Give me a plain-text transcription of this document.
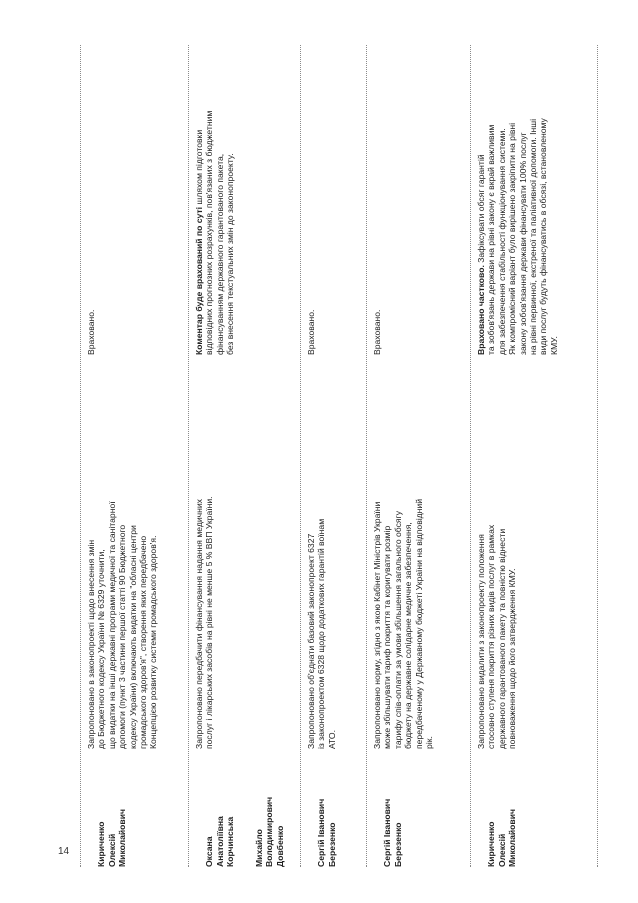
14	Кириченко
Олексій
Миколайович

Запропоновано в законопроекті щодо внесення змін
до Бюджетного кодексу України № 6329 уточнити,
що видатки на інші державні програми медичної та санітарної
допомоги (пункт 3 частини першої статті 90 Бюджетного
кодексу України) включають видатки на "обласні центри
громадського здоров'я", створення яких передбачено
Концепцією розвитку системи громадського здоров'я.
Враховано.

Оксана
Анатоліївна
Корчинська Михайло
Володимирович
Довбенко

Запропоновано передбачити фінансування надання медичних
послуг і лікарських засобів на рівні не менше 5 % ВВП України.
Коментар буде врахований по суті шляхом підготовки
відповідних прогнозних розрахунків, пов'язаних з бюджетним
фінансуванням державного гарантованого пакета,
без внесення текстуальних змін до законопроекту.

Сергій Іванович
Березенко

Запропоновано об'єднати базовий законопроект 6327
із законопроектом 6328 щодо додаткових гарантій воїнам
АТО.
Враховано.

Сергій Іванович
Березенко

Запропоновано норму, згідно з якою Кабінет Міністрів України
може збільшувати тариф покриття та коригувати розмір
тарифу спів-оплати за умови збільшення загального обсягу
бюджету на державне солідарне медичне забезпечення,
передбаченому у Державному бюджеті України на відповідний
рік.
Враховано.

Кириченко
Олексій
Миколайович

Запропоновано видалити з законопроекту положення
стосовно ступеня покриття різних видів послуг в рамках
державного гарантованого пакету та повністю віднести
повноваження щодо його затвердження КМУ.
Враховано частково. Зафіксувати обсяг гарантій
та зобов'язань держави на рівні закону є вкрай важливим
для забезпечення стабільності функціонування системи.
Як компромісний варіант було вирішено закріпити на рівні
закону зобов'язання держави фінансувати 100% послуг
на рівні первинної, екстреної та паліативної допомоги. Інші
види послуг будуть фінансуватись в обсязі, встановленому
КМУ.
